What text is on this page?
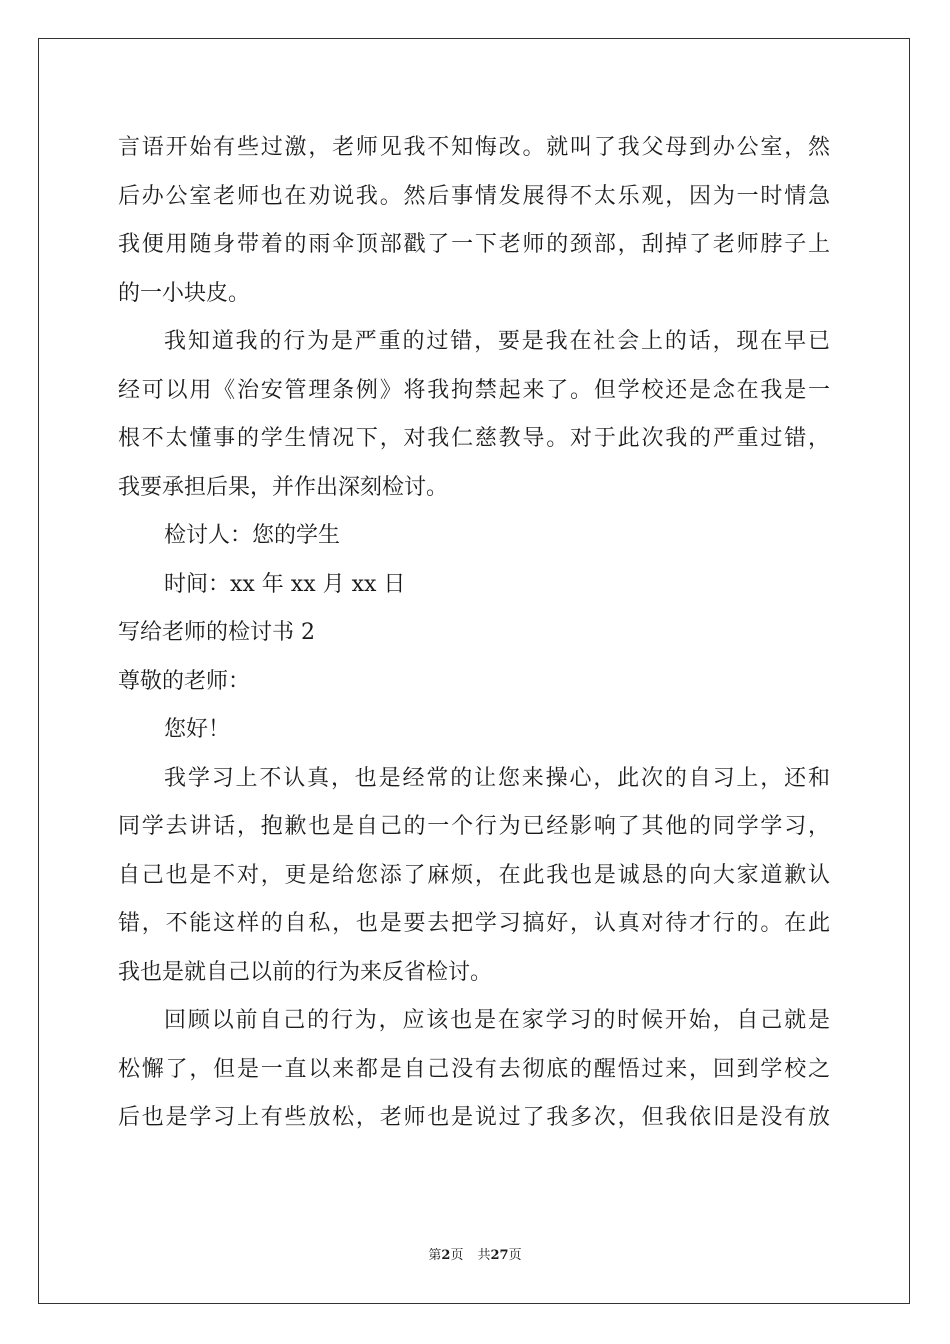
言语开始有些过激，老师见我不知悔改。就叫了我父母到办公室，然
后办公室老师也在劝说我。然后事情发展得不太乐观，因为一时情急
我便用随身带着的雨伞顶部戳了一下老师的颈部，刮掉了老师脖子上
的一小块皮。
我知道我的行为是严重的过错，要是我在社会上的话，现在早已
经可以用《治安管理条例》将我拘禁起来了。但学校还是念在我是一
根不太懂事的学生情况下，对我仁慈教导。对于此次我的严重过错，
我要承担后果，并作出深刻检讨。
检讨人：您的学生
时间：xx 年 xx 月 xx 日
写给老师的检讨书 2
尊敬的老师：
您好！
我学习上不认真，也是经常的让您来操心，此次的自习上，还和
同学去讲话，抱歉也是自己的一个行为已经影响了其他的同学学习，
自己也是不对，更是给您添了麻烦，在此我也是诚恳的向大家道歉认
错，不能这样的自私，也是要去把学习搞好，认真对待才行的。在此
我也是就自己以前的行为来反省检讨。
回顾以前自己的行为，应该也是在家学习的时候开始，自己就是
松懈了，但是一直以来都是自己没有去彻底的醒悟过来，回到学校之
后也是学习上有些放松，老师也是说过了我多次，但我依旧是没有放
第2页 共27页
